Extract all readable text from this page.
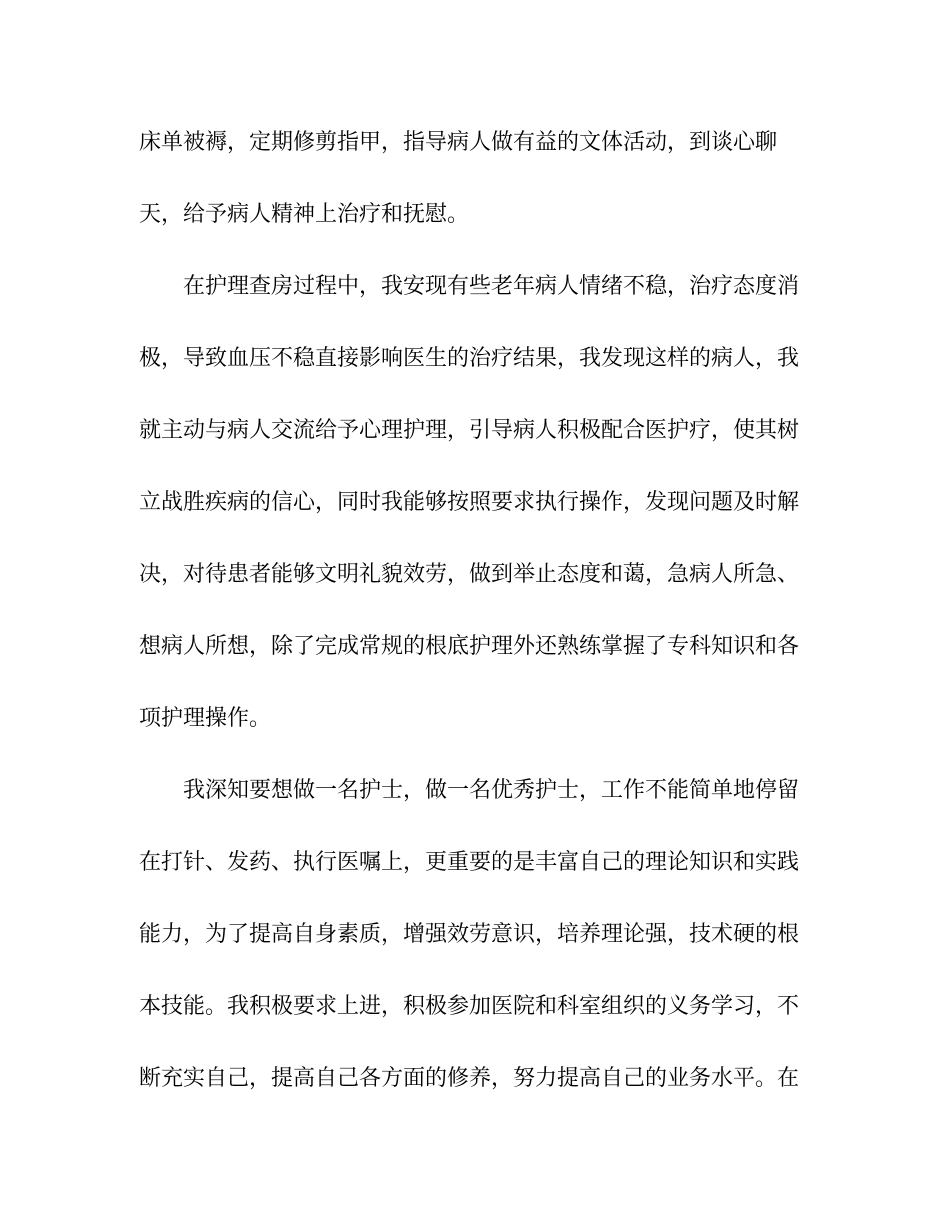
床单被褥，定期修剪指甲，指导病人做有益的文体活动，到谈心聊
天，给予病人精神上治疗和抚慰。
在护理查房过程中，我安现有些老年病人情绪不稳，治疗态度消
极，导致血压不稳直接影响医生的治疗结果，我发现这样的病人，我
就主动与病人交流给予心理护理，引导病人积极配合医护疗，使其树
立战胜疾病的信心，同时我能够按照要求执行操作，发现问题及时解
决，对待患者能够文明礼貌效劳，做到举止态度和蔼，急病人所急、
想病人所想，除了完成常规的根底护理外还熟练掌握了专科知识和各
项护理操作。
我深知要想做一名护士，做一名优秀护士，工作不能简单地停留
在打针、发药、执行医嘱上，更重要的是丰富自己的理论知识和实践
能力，为了提高自身素质，增强效劳意识，培养理论强，技术硬的根
本技能。我积极要求上进，积极参加医院和科室组织的义务学习，不
断充实自己，提高自己各方面的修养，努力提高自己的业务水平。在
